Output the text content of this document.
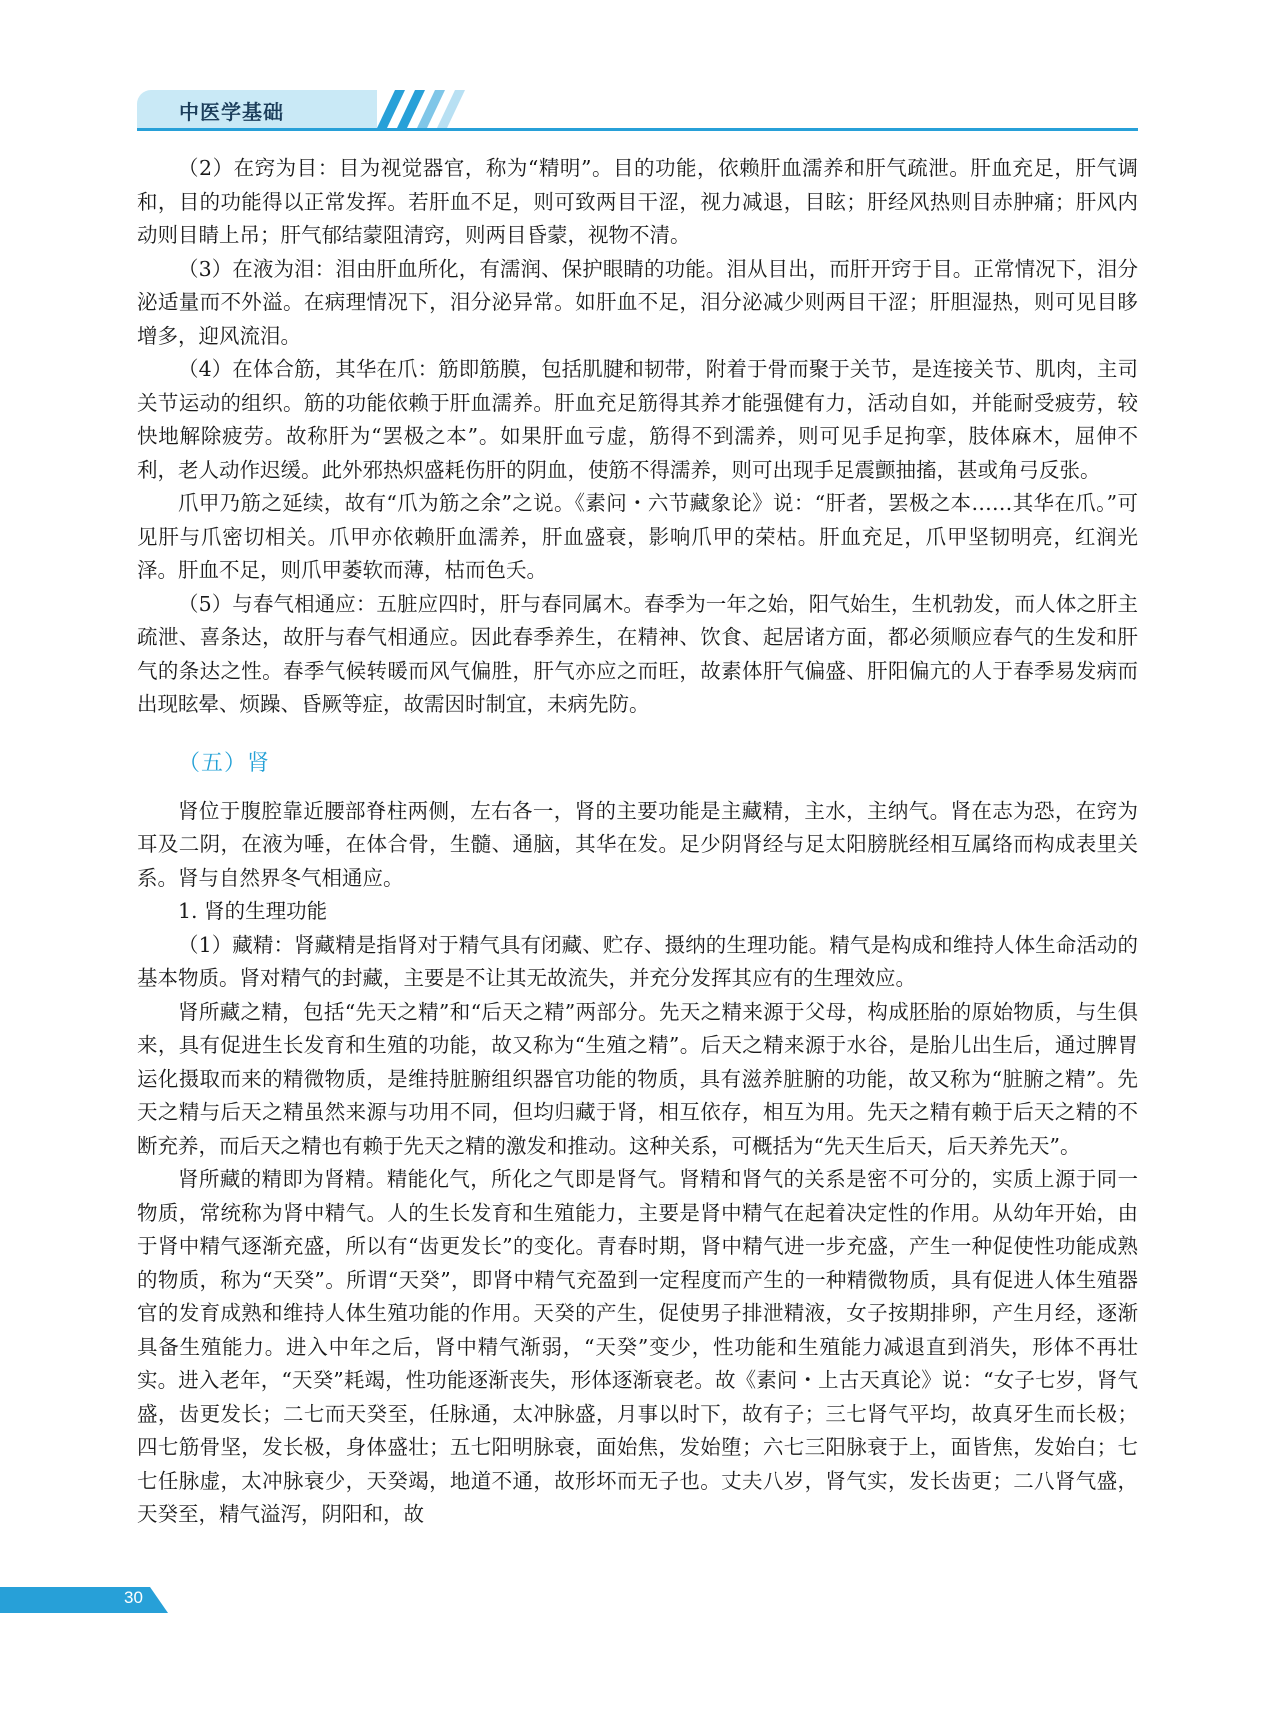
中医学基础

（2）在窍为目：目为视觉器官，称为“精明”。目的功能，依赖肝血濡养和肝气疏泄。肝血充足，肝气调和，目的功能得以正常发挥。若肝血不足，则可致两目干涩，视力减退，目眩；肝经风热则目赤肿痛；肝风内动则目睛上吊；肝气郁结蒙阻清窍，则两目昏蒙，视物不清。

（3）在液为泪：泪由肝血所化，有濡润、保护眼睛的功能。泪从目出，而肝开窍于目。正常情况下，泪分泌适量而不外溢。在病理情况下，泪分泌异常。如肝血不足，泪分泌减少则两目干涩；肝胆湿热，则可见目眵增多，迎风流泪。

（4）在体合筋，其华在爪：筋即筋膜，包括肌腱和韧带，附着于骨而聚于关节，是连接关节、肌肉，主司关节运动的组织。筋的功能依赖于肝血濡养。肝血充足筋得其养才能强健有力，活动自如，并能耐受疲劳，较快地解除疲劳。故称肝为“罢极之本”。如果肝血亏虚，筋得不到濡养，则可见手足拘挛，肢体麻木，屈伸不利，老人动作迟缓。此外邪热炽盛耗伤肝的阴血，使筋不得濡养，则可出现手足震颤抽搐，甚或角弓反张。

爪甲乃筋之延续，故有“爪为筋之余”之说。《素问・六节藏象论》说：“肝者，罢极之本……其华在爪。”可见肝与爪密切相关。爪甲亦依赖肝血濡养，肝血盛衰，影响爪甲的荣枯。肝血充足，爪甲坚韧明亮，红润光泽。肝血不足，则爪甲萎软而薄，枯而色夭。

（5）与春气相通应：五脏应四时，肝与春同属木。春季为一年之始，阳气始生，生机勃发，而人体之肝主疏泄、喜条达，故肝与春气相通应。因此春季养生，在精神、饮食、起居诸方面，都必须顺应春气的生发和肝气的条达之性。春季气候转暖而风气偏胜，肝气亦应之而旺，故素体肝气偏盛、肝阳偏亢的人于春季易发病而出现眩晕、烦躁、昏厥等症，故需因时制宜，未病先防。

（五）肾

肾位于腹腔靠近腰部脊柱两侧，左右各一，肾的主要功能是主藏精，主水，主纳气。肾在志为恐，在窍为耳及二阴，在液为唾，在体合骨，生髓、通脑，其华在发。足少阴肾经与足太阳膀胱经相互属络而构成表里关系。肾与自然界冬气相通应。

1. 肾的生理功能

（1）藏精：肾藏精是指肾对于精气具有闭藏、贮存、摄纳的生理功能。精气是构成和维持人体生命活动的基本物质。肾对精气的封藏，主要是不让其无故流失，并充分发挥其应有的生理效应。

肾所藏之精，包括“先天之精”和“后天之精”两部分。先天之精来源于父母，构成胚胎的原始物质，与生俱来，具有促进生长发育和生殖的功能，故又称为“生殖之精”。后天之精来源于水谷，是胎儿出生后，通过脾胃运化摄取而来的精微物质，是维持脏腑组织器官功能的物质，具有滋养脏腑的功能，故又称为“脏腑之精”。先天之精与后天之精虽然来源与功用不同，但均归藏于肾，相互依存，相互为用。先天之精有赖于后天之精的不断充养，而后天之精也有赖于先天之精的激发和推动。这种关系，可概括为“先天生后天，后天养先天”。

肾所藏的精即为肾精。精能化气，所化之气即是肾气。肾精和肾气的关系是密不可分的，实质上源于同一物质，常统称为肾中精气。人的生长发育和生殖能力，主要是肾中精气在起着决定性的作用。从幼年开始，由于肾中精气逐渐充盛，所以有“齿更发长”的变化。青春时期，肾中精气进一步充盛，产生一种促使性功能成熟的物质，称为“天癸”。所谓“天癸”，即肾中精气充盈到一定程度而产生的一种精微物质，具有促进人体生殖器官的发育成熟和维持人体生殖功能的作用。天癸的产生，促使男子排泄精液，女子按期排卵，产生月经，逐渐具备生殖能力。进入中年之后，肾中精气渐弱，“天癸”变少，性功能和生殖能力减退直到消失，形体不再壮实。进入老年，“天癸”耗竭，性功能逐渐丧失，形体逐渐衰老。故《素问・上古天真论》说：“女子七岁，肾气盛，齿更发长；二七而天癸至，任脉通，太冲脉盛，月事以时下，故有子；三七肾气平均，故真牙生而长极；四七筋骨坚，发长极，身体盛壮；五七阳明脉衰，面始焦，发始堕；六七三阳脉衰于上，面皆焦，发始白；七七任脉虚，太冲脉衰少，天癸竭，地道不通，故形坏而无子也。丈夫八岁，肾气实，发长齿更；二八肾气盛，天癸至，精气溢泻，阴阳和，故

30
